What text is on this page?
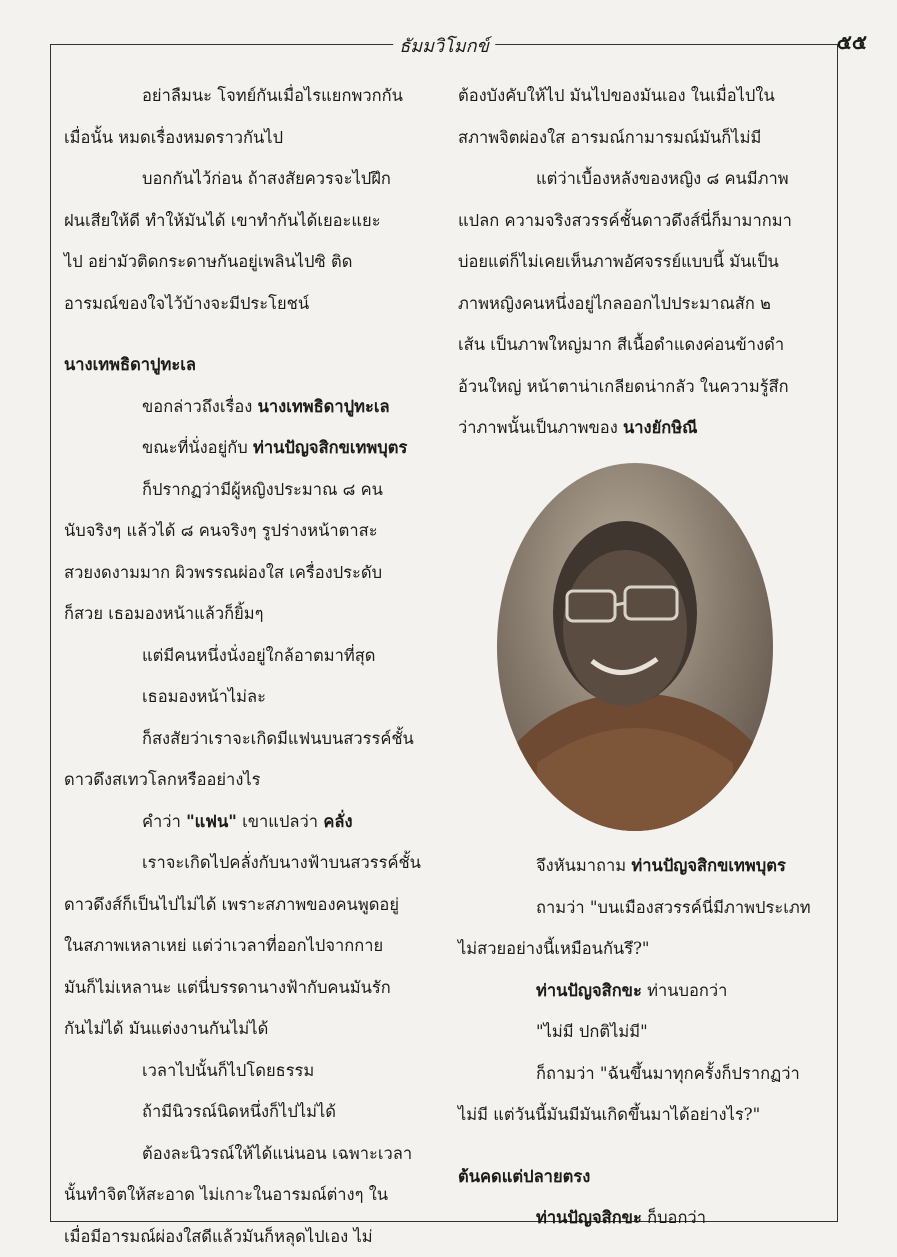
๕๕
ธัมมวิโมกข์

อย่าลืมนะ โจทย์กันเมื่อไรแยกพวกกัน

เมื่อนั้น หมดเรื่องหมดราวกันไป

บอกกันไว้ก่อน ถ้าสงสัยควรจะไปฝึก

ฝนเสียให้ดี ทำให้มันได้ เขาทำกันได้เยอะแยะ

ไป อย่ามัวติดกระดาษกันอยู่เพลินไปซิ ติด

อารมณ์ของใจไว้บ้างจะมีประโยชน์

นางเทพธิดาปูทะเล

ขอกล่าวถึงเรื่อง นางเทพธิดาปูทะเล

ขณะที่นั่งอยู่กับ ท่านปัญจสิกขเทพบุตร

ก็ปรากฏว่ามีผู้หญิงประมาณ ๘ คน

นับจริงๆ แล้วได้ ๘ คนจริงๆ รูปร่างหน้าตาสะ

สวยงดงามมาก ผิวพรรณผ่องใส เครื่องประดับ

ก็สวย เธอมองหน้าแล้วก็ยิ้มๆ

แต่มีคนหนึ่งนั่งอยู่ใกล้อาตมาที่สุด

เธอมองหน้าไม่ละ

ก็สงสัยว่าเราจะเกิดมีแฟนบนสวรรค์ชั้น

ดาวดึงสเทวโลกหรืออย่างไร

คำว่า "แฟน" เขาแปลว่า คลั่ง

เราจะเกิดไปคลั่งกับนางฟ้าบนสวรรค์ชั้น

ดาวดึงส์ก็เป็นไปไม่ได้ เพราะสภาพของคนพูดอยู่

ในสภาพเหลาเหย่ แต่ว่าเวลาที่ออกไปจากกาย

มันก็ไม่เหลานะ แต่นี่บรรดานางฟ้ากับคนมันรัก

กันไม่ได้ มันแต่งงานกันไม่ได้

เวลาไปนั้นก็ไปโดยธรรม

ถ้ามีนิวรณ์นิดหนึ่งก็ไปไม่ได้

ต้องละนิวรณ์ให้ได้แน่นอน เฉพาะเวลา

นั้นทำจิตให้สะอาด ไม่เกาะในอารมณ์ต่างๆ ใน

เมื่อมีอารมณ์ผ่องใสดีแล้วมันก็หลุดไปเอง ไม่

ต้องบังคับให้ไป มันไปของมันเอง ในเมื่อไปใน

สภาพจิตผ่องใส อารมณ์กามารมณ์มันก็ไม่มี

แต่ว่าเบื้องหลังของหญิง ๘ คนมีภาพ

แปลก ความจริงสวรรค์ชั้นดาวดึงส์นี่ก็มามากมา

บ่อยแต่ก็ไม่เคยเห็นภาพอัศจรรย์แบบนี้ มันเป็น

ภาพหญิงคนหนึ่งอยู่ไกลออกไปประมาณสัก ๒

เส้น เป็นภาพใหญ่มาก สีเนื้อดำแดงค่อนข้างดำ

อ้วนใหญ่ หน้าตาน่าเกลียดน่ากลัว ในความรู้สึก

ว่าภาพนั้นเป็นภาพของ นางยักษิณี

จึงหันมาถาม ท่านปัญจสิกขเทพบุตร

ถามว่า "บนเมืองสวรรค์นี่มีภาพประเภท

ไม่สวยอย่างนี้เหมือนกันรึ?"

ท่านปัญจสิกขะ ท่านบอกว่า

"ไม่มี ปกติไม่มี"

ก็ถามว่า "ฉันขึ้นมาทุกครั้งก็ปรากฏว่า

ไม่มี แต่วันนี้มันมีมันเกิดขึ้นมาได้อย่างไร?"

ต้นคดแต่ปลายตรง

ท่านปัญจสิกขะ ก็บอกว่า
